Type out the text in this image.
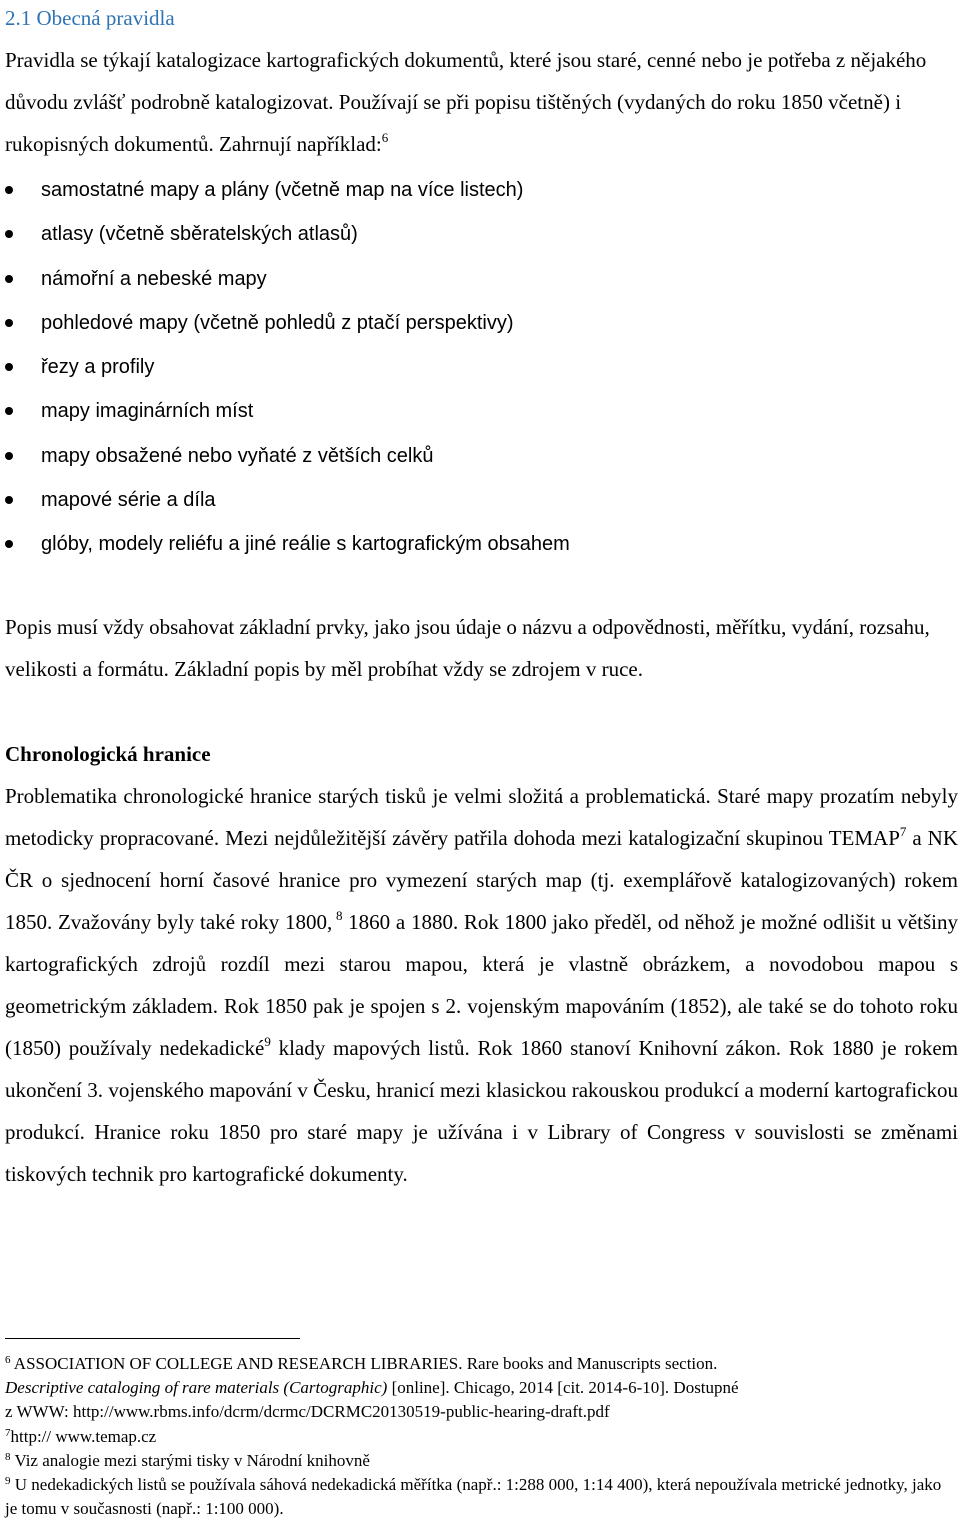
2.1 Obecná pravidla

Pravidla se týkají katalogizace kartografických dokumentů, které jsou staré, cenné nebo je potřeba z nějakého důvodu zvlášť podrobně katalogizovat. Používají se při popisu tištěných (vydaných do roku 1850 včetně) i rukopisných dokumentů. Zahrnují například:$^6$

samostatné mapy a plány (včetně map na více listech)
atlasy (včetně sběratelských atlasů)
námořní a nebeské mapy
pohledové mapy (včetně pohledů z ptačí perspektivy)
řezy a profily
mapy imaginárních míst
mapy obsažené nebo vyňaté z větších celků
mapové série a díla
glóby, modely reliéfu a jiné reálie s kartografickým obsahem

Popis musí vždy obsahovat základní prvky, jako jsou údaje o názvu a odpovědnosti, měřítku, vydání, rozsahu, velikosti a formátu. Základní popis by měl probíhat vždy se zdrojem v ruce.

Chronologická hranice

Problematika chronologické hranice starých tisků je velmi složitá a problematická. Staré mapy prozatím nebyly metodicky propracované. Mezi nejdůležitější závěry patřila dohoda mezi katalogizační skupinou TEMAP$^7$ a NK ČR o sjednocení horní časové hranice pro vymezení starých map (tj. exemplářově katalogizovaných) rokem 1850. Zvažovány byly také roky 1800, $^8$ 1860 a 1880. Rok 1800 jako předěl, od něhož je možné odlišit u většiny kartografických zdrojů rozdíl mezi starou mapou, která je vlastně obrázkem, a novodobou mapou s geometrickým základem. Rok 1850 pak je spojen s 2. vojenským mapováním (1852), ale také se do tohoto roku (1850) používaly nedekadické$^9$ klady mapových listů. Rok 1860 stanoví Knihovní zákon. Rok 1880 je rokem ukončení 3. vojenského mapování v Česku, hranicí mezi klasickou rakouskou produkcí a moderní kartografickou produkcí. Hranice roku 1850 pro staré mapy je užívána i v Library of Congress v souvislosti se změnami tiskových technik pro kartografické dokumenty.

$^6$ ASSOCIATION OF COLLEGE AND RESEARCH LIBRARIES. Rare books and Manuscripts section.
Descriptive cataloging of rare materials (Cartographic) [online]. Chicago, 2014 [cit. 2014-6-10]. Dostupné
z WWW: http://www.rbms.info/dcrm/dcrmc/DCRMC20130519-public-hearing-draft.pdf

$^7$http:// www.temap.cz

$^8$ Viz analogie mezi starými tisky v Národní knihovně

$^9$ U nedekadických listů se používala sáhová nedekadická měřítka (např.: 1:288 000, 1:14 400), která nepoužívala metrické jednotky, jako je tomu v současnosti (např.: 1:100 000).
